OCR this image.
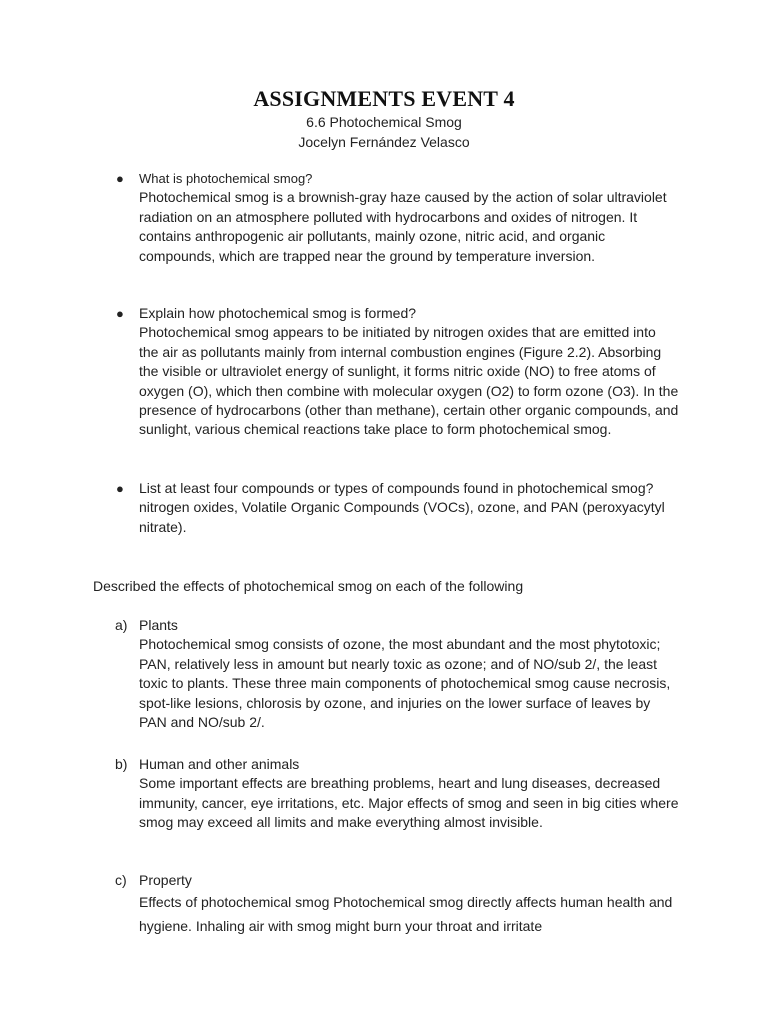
ASSIGNMENTS EVENT 4
6.6 Photochemical Smog
Jocelyn Fernández Velasco
● What is photochemical smog?
Photochemical smog is a brownish-gray haze caused by the action of solar ultraviolet radiation on an atmosphere polluted with hydrocarbons and oxides of nitrogen. It contains anthropogenic air pollutants, mainly ozone, nitric acid, and organic compounds, which are trapped near the ground by temperature inversion.
● Explain how photochemical smog is formed?
Photochemical smog appears to be initiated by nitrogen oxides that are emitted into the air as pollutants mainly from internal combustion engines (Figure 2.2). Absorbing the visible or ultraviolet energy of sunlight, it forms nitric oxide (NO) to free atoms of oxygen (O), which then combine with molecular oxygen (O2) to form ozone (O3). In the presence of hydrocarbons (other than methane), certain other organic compounds, and sunlight, various chemical reactions take place to form photochemical smog.
● List at least four compounds or types of compounds found in photochemical smog?
nitrogen oxides, Volatile Organic Compounds (VOCs), ozone, and PAN (peroxyacytyl nitrate).
Described the effects of photochemical smog on each of the following
a) Plants
Photochemical smog consists of ozone, the most abundant and the most phytotoxic; PAN, relatively less in amount but nearly toxic as ozone; and of NO/sub 2/, the least toxic to plants. These three main components of photochemical smog cause necrosis, spot-like lesions, chlorosis by ozone, and injuries on the lower surface of leaves by PAN and NO/sub 2/.
b) Human and other animals
Some important effects are breathing problems, heart and lung diseases, decreased immunity, cancer, eye irritations, etc. Major effects of smog and seen in big cities where smog may exceed all limits and make everything almost invisible.
c) Property
Effects of photochemical smog Photochemical smog directly affects human health and hygiene. Inhaling air with smog might burn your throat and irritate
